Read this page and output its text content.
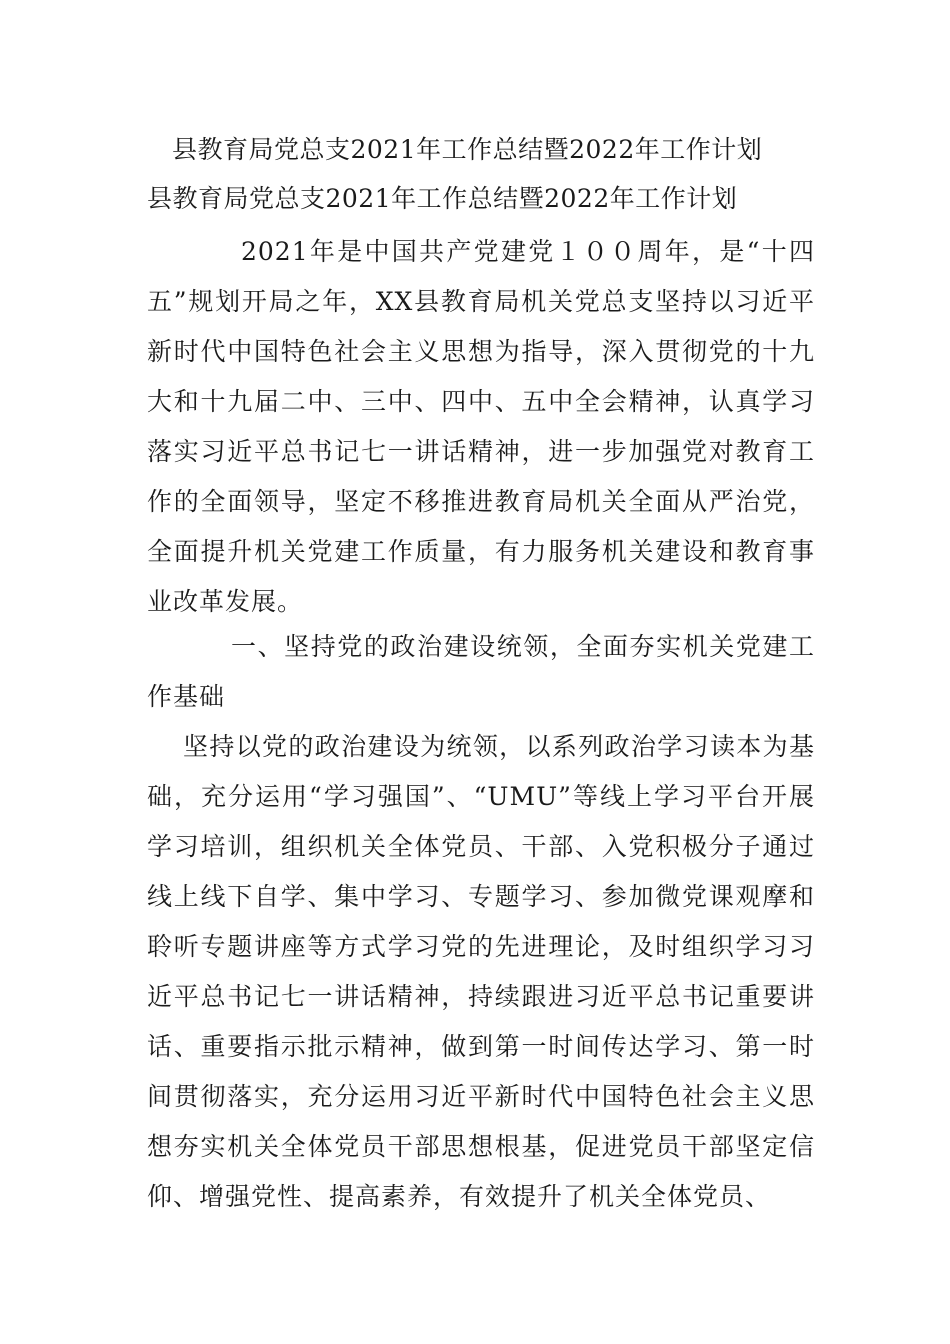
县教育局党总支2021年工作总结暨2022年工作计划
县教育局党总支2021年工作总结暨2022年工作计划

2021年是中国共产党建党１００周年，是“十四五”规划开局之年，XX县教育局机关党总支坚持以习近平新时代中国特色社会主义思想为指导，深入贯彻党的十九大和十九届二中、三中、四中、五中全会精神，认真学习落实习近平总书记七一讲话精神，进一步加强党对教育工作的全面领导，坚定不移推进教育局机关全面从严治党，全面提升机关党建工作质量，有力服务机关建设和教育事业改革发展。

一、坚持党的政治建设统领，全面夯实机关党建工作基础

坚持以党的政治建设为统领，以系列政治学习读本为基础，充分运用“学习强国”、“UMU”等线上学习平台开展学习培训，组织机关全体党员、干部、入党积极分子通过线上线下自学、集中学习、专题学习、参加微党课观摩和聆听专题讲座等方式学习党的先进理论，及时组织学习习近平总书记七一讲话精神，持续跟进习近平总书记重要讲话、重要指示批示精神，做到第一时间传达学习、第一时间贯彻落实，充分运用习近平新时代中国特色社会主义思想夯实机关全体党员干部思想根基，促进党员干部坚定信仰、增强党性、提高素养，有效提升了机关全体党员、
